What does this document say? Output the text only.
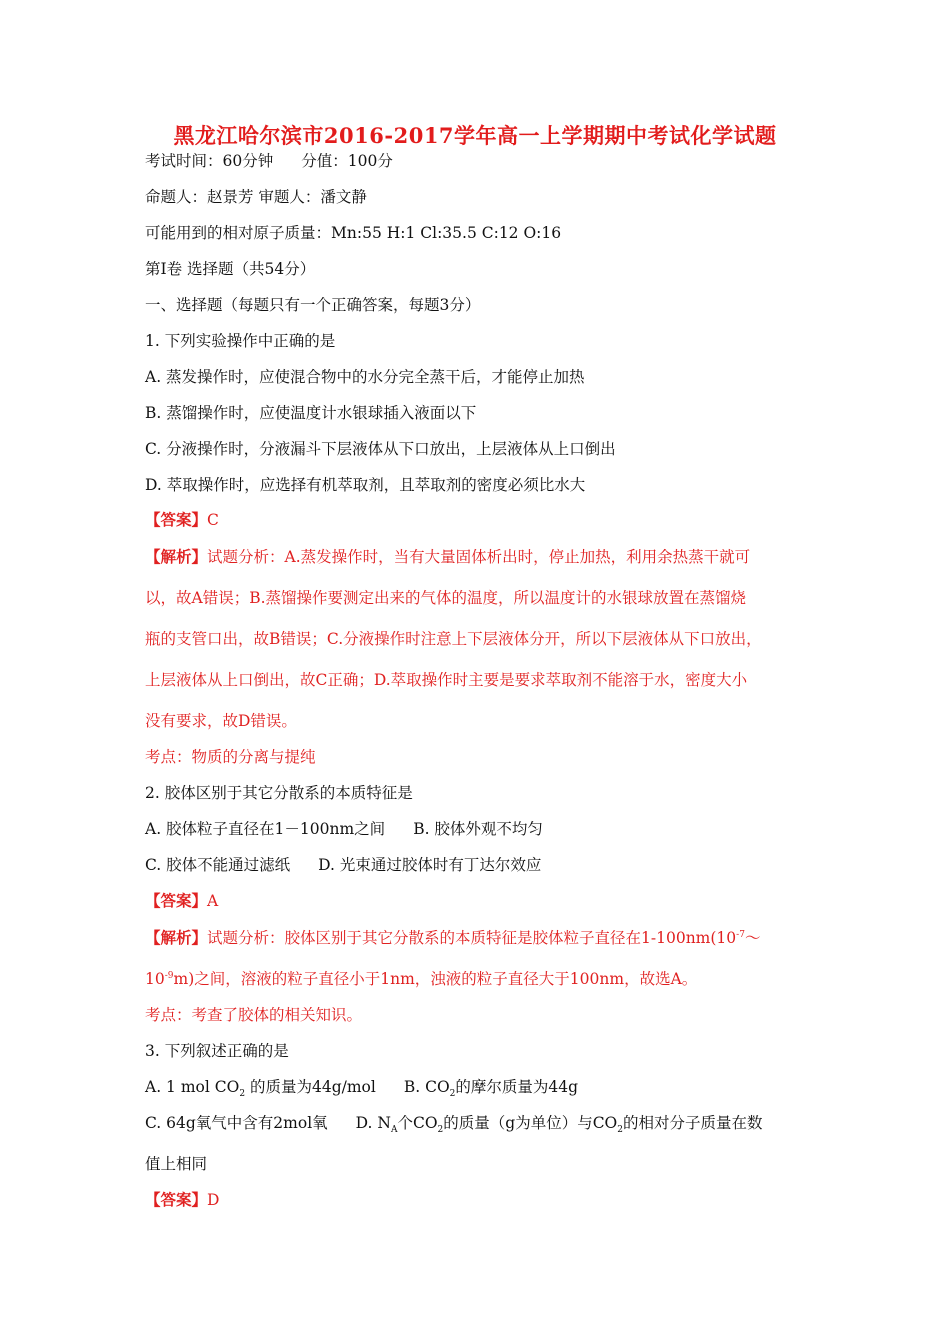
黑龙江哈尔滨市2016-2017学年高一上学期期中考试化学试题
考试时间：60分钟 分值：100分
命题人：赵景芳 审题人：潘文静
可能用到的相对原子质量：Mn:55 H:1 Cl:35.5 C:12 O:16
第Ⅰ卷 选择题（共54分）
一、选择题（每题只有一个正确答案，每题3分）
1. 下列实验操作中正确的是
A. 蒸发操作时，应使混合物中的水分完全蒸干后，才能停止加热
B. 蒸馏操作时，应使温度计水银球插入液面以下
C. 分液操作时，分液漏斗下层液体从下口放出，上层液体从上口倒出
D. 萃取操作时，应选择有机萃取剂，且萃取剂的密度必须比水大
【答案】C
【解析】试题分析：A.蒸发操作时，当有大量固体析出时，停止加热，利用余热蒸干就可
以，故A错误；B.蒸馏操作要测定出来的气体的温度，所以温度计的水银球放置在蒸馏烧
瓶的支管口出，故B错误；C.分液操作时注意上下层液体分开，所以下层液体从下口放出，
上层液体从上口倒出，故C正确；D.萃取操作时主要是要求萃取剂不能溶于水，密度大小
没有要求，故D错误。
考点：物质的分离与提纯
2. 胶体区别于其它分散系的本质特征是
A. 胶体粒子直径在1－100nm之间 B. 胶体外观不均匀
C. 胶体不能通过滤纸 D. 光束通过胶体时有丁达尔效应
【答案】A
【解析】试题分析：胶体区别于其它分散系的本质特征是胶体粒子直径在$1-100nm(10^{-7}\sim$
$10^{-9}m$)之间，溶液的粒子直径小于1nm，浊液的粒子直径大于100nm，故选A。
考点：考查了胶体的相关知识。
3. 下列叙述正确的是
A. 1 mol $CO_2$ 的质量为44g/mol B. $CO_2$的摩尔质量为44g
C. 64g氧气中含有2mol氧 D. $N_A$个$CO_2$的质量（g为单位）与$CO_2$的相对分子质量在数
值上相同
【答案】D
